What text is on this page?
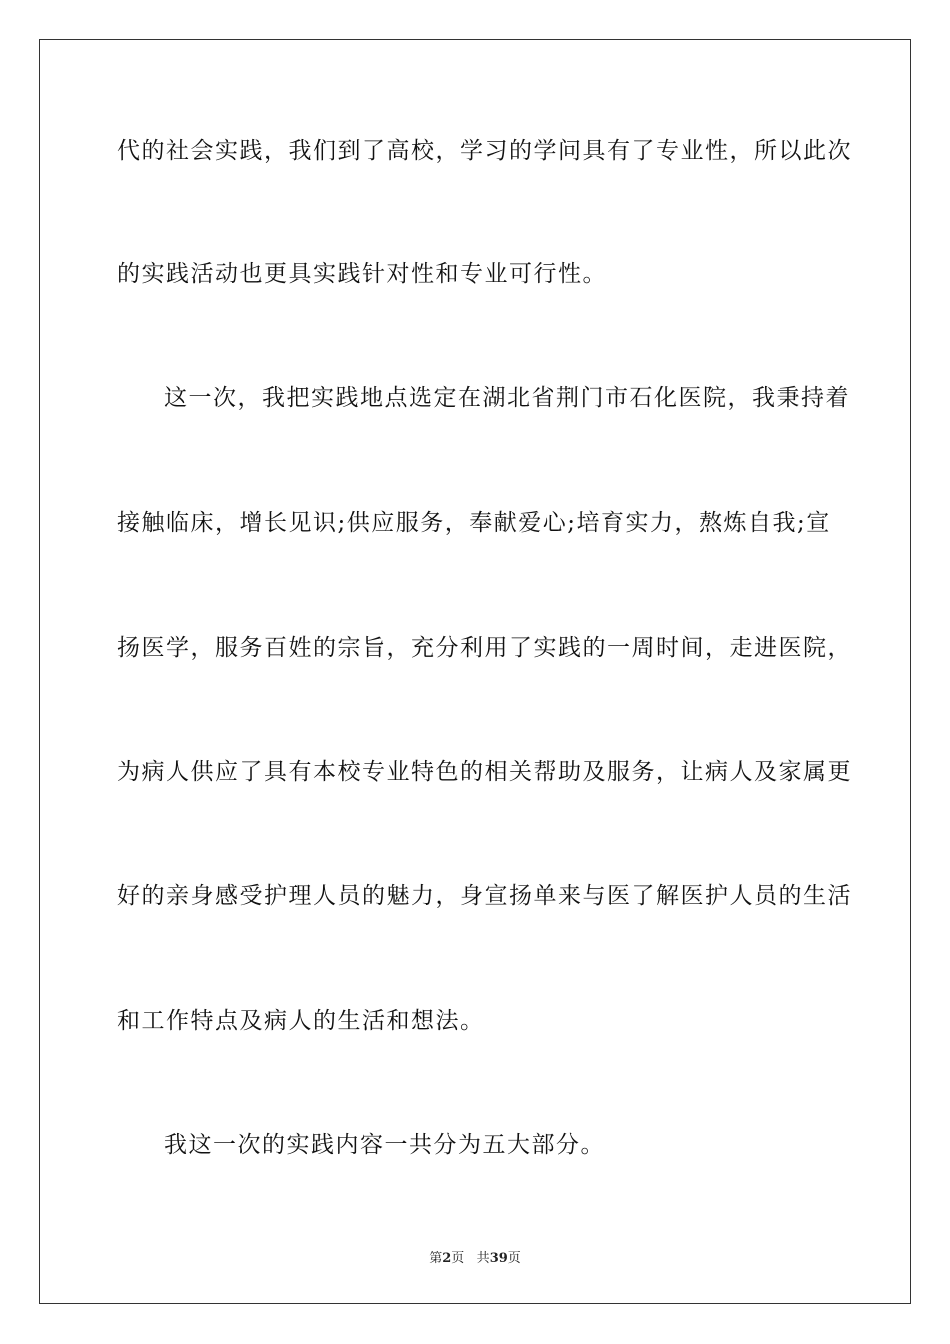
代的社会实践，我们到了高校，学习的学问具有了专业性，所以此次
的实践活动也更具实践针对性和专业可行性。
这一次，我把实践地点选定在湖北省荆门市石化医院，我秉持着
接触临床，增长见识;供应服务，奉献爱心;培育实力，熬炼自我;宣
扬医学，服务百姓的宗旨，充分利用了实践的一周时间，走进医院，
为病人供应了具有本校专业特色的相关帮助及服务，让病人及家属更
好的亲身感受护理人员的魅力，身宣扬单来与医了解医护人员的生活
和工作特点及病人的生活和想法。
我这一次的实践内容一共分为五大部分。
第2页 共39页
